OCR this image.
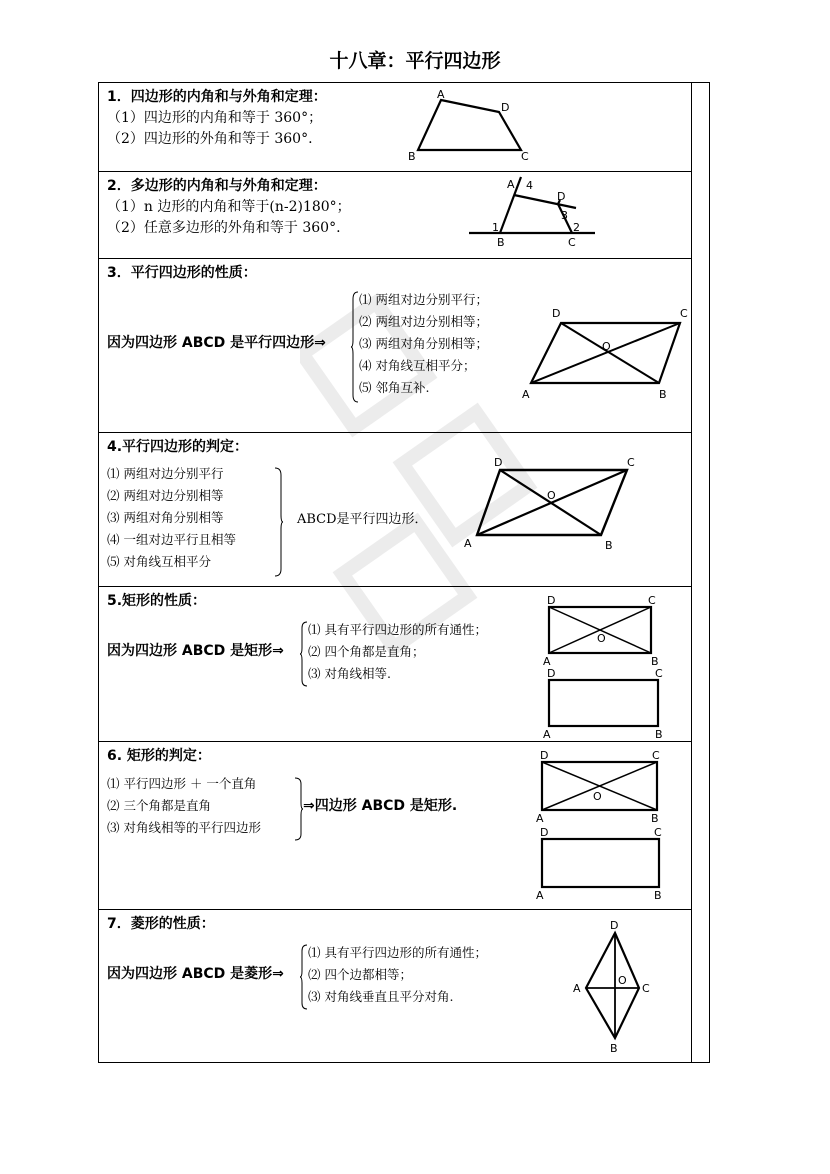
十八章：平行四边形
1．四边形的内角和与外角和定理：
（1）四边形的内角和等于 360°；
（2）四边形的外角和等于 360°.
A
D
B	C
2．多边形的内角和与外角和定理：
（1）n 边形的内角和等于(n-2)180°；
（2）任意多边形的外角和等于 360°.
A 4
D
3
2
1
B	C
3．平行四边形的性质：
因为四边形 ABCD 是平行四边形⇒
⑴ 两组对边分别平行；
⑵ 两组对边分别相等；
⑶ 两组对角分别相等；
⑷ 对角线互相平分；
⑸ 邻角互补.
D	C
O
A	B
4.平行四边形的判定：
⑴ 两组对边分别平行
⑵ 两组对边分别相等
⑶ 两组对角分别相等
⑷ 一组对边平行且相等
⑸ 对角线互相平分
ABCD是平行四边形．
D	C
O
A	B
5.矩形的性质：
因为四边形 ABCD 是矩形⇒
⑴ 具有平行四边形的所有通性；
⑵ 四个角都是直角；
⑶ 对角线相等.
D	C
O
A	B
D	C
A	B
6. 矩形的判定：
⑴ 平行四边形 ＋ 一个直角
⑵ 三个角都是直角
⑶ 对角线相等的平行四边形
⇒四边形 ABCD 是矩形.
D	C
O
A	B
D	C
A	B
7．菱形的性质：
因为四边形 ABCD 是菱形⇒
⑴ 具有平行四边形的所有通性；
⑵ 四个边都相等；
⑶ 对角线垂直且平分对角.
D
A	C
O
B
